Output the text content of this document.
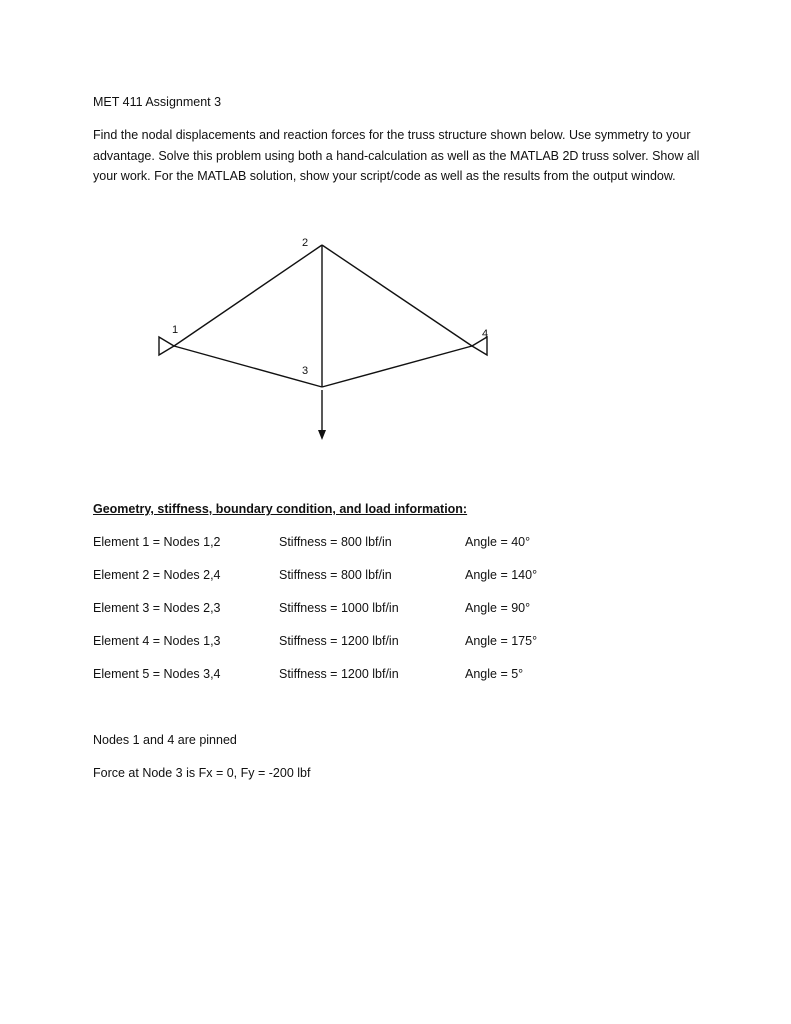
MET 411 Assignment 3

Find the nodal displacements and reaction forces for the truss structure shown below. Use symmetry to your advantage. Solve this problem using both a hand-calculation as well as the MATLAB 2D truss solver. Show all your work. For the MATLAB solution, show your script/code as well as the results from the output window.

1
2
3
4

Geometry, stiffness, boundary condition, and load information:

Element 1 = Nodes 1,2	Stiffness = 800 lbf/in	Angle = 40°
Element 2 = Nodes 2,4	Stiffness = 800 lbf/in	Angle = 140°
Element 3 = Nodes 2,3	Stiffness = 1000 lbf/in	Angle = 90°
Element 4 = Nodes 1,3	Stiffness = 1200 lbf/in	Angle = 175°
Element 5 = Nodes 3,4	Stiffness = 1200 lbf/in	Angle = 5°

Nodes 1 and 4 are pinned

Force at Node 3 is Fx = 0, Fy = -200 lbf
